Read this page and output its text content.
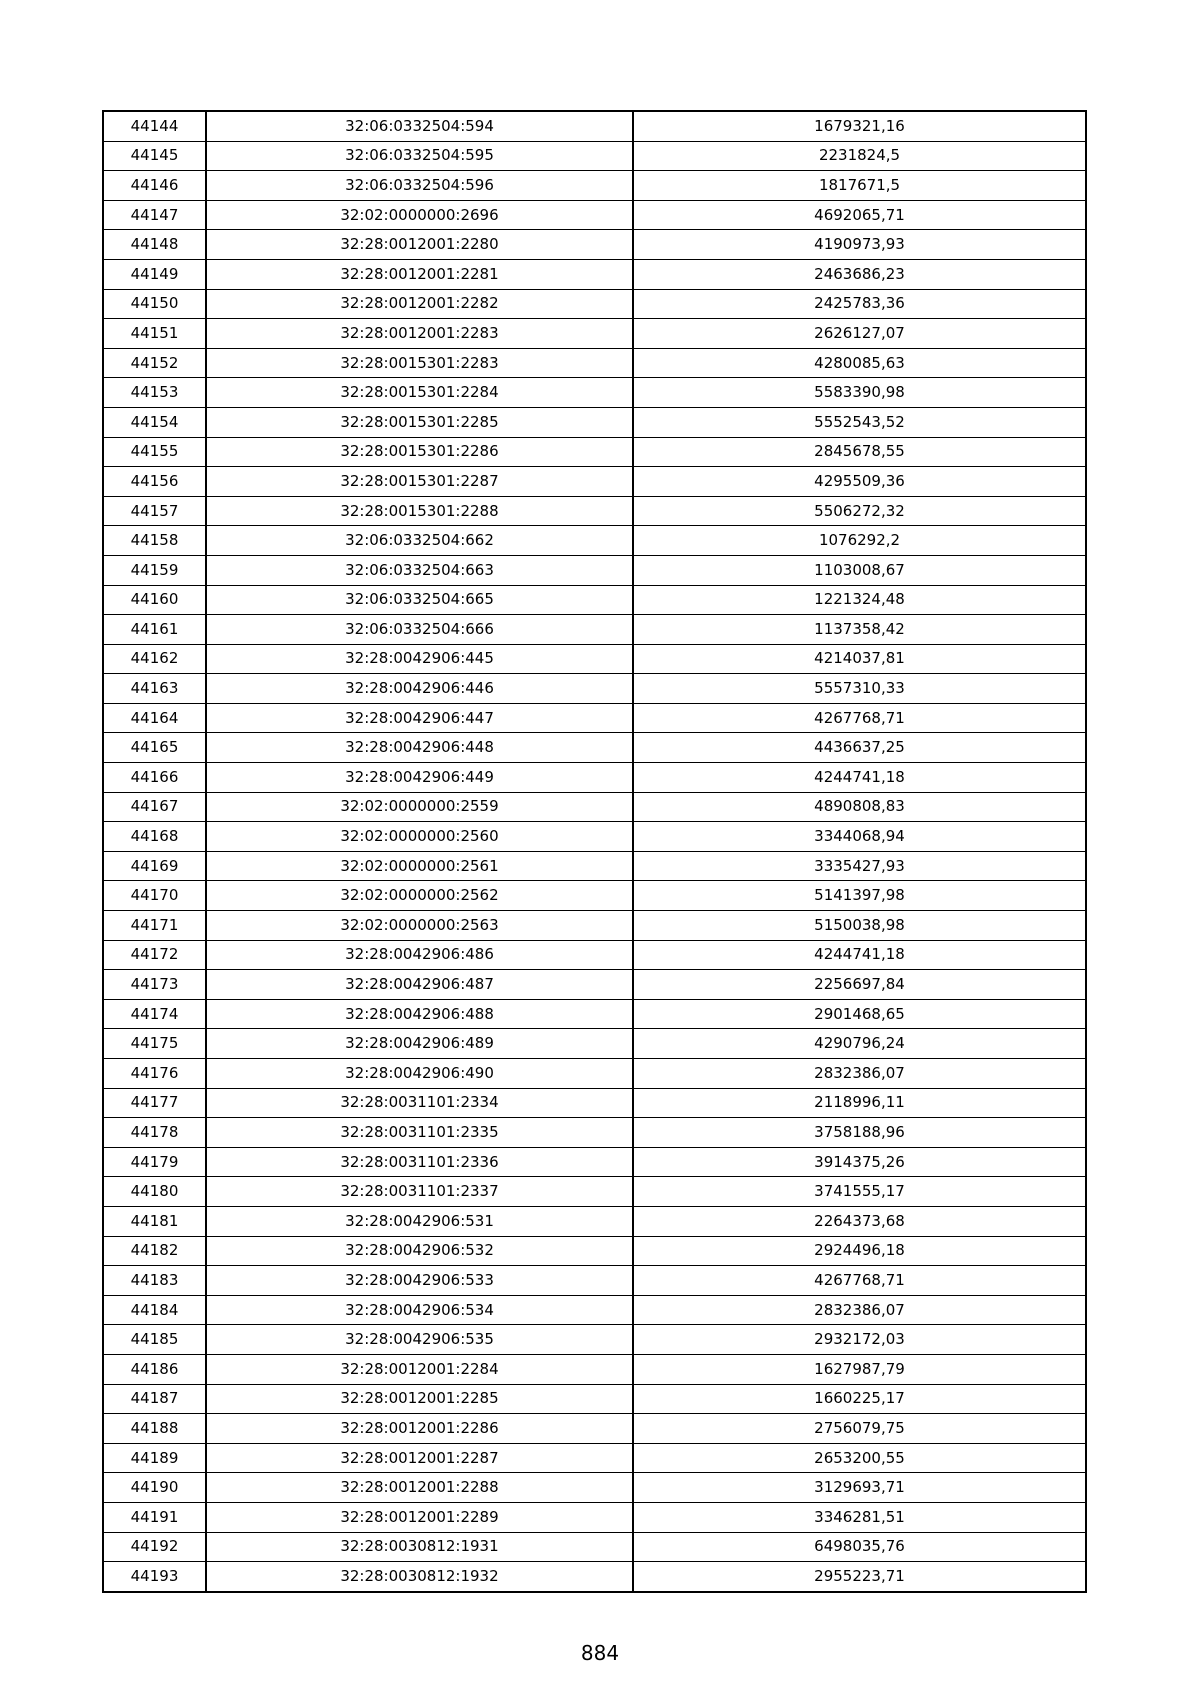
44144	32:06:0332504:594	1679321,16
44145	32:06:0332504:595	2231824,5
44146	32:06:0332504:596	1817671,5
44147	32:02:0000000:2696	4692065,71
44148	32:28:0012001:2280	4190973,93
44149	32:28:0012001:2281	2463686,23
44150	32:28:0012001:2282	2425783,36
44151	32:28:0012001:2283	2626127,07
44152	32:28:0015301:2283	4280085,63
44153	32:28:0015301:2284	5583390,98
44154	32:28:0015301:2285	5552543,52
44155	32:28:0015301:2286	2845678,55
44156	32:28:0015301:2287	4295509,36
44157	32:28:0015301:2288	5506272,32
44158	32:06:0332504:662	1076292,2
44159	32:06:0332504:663	1103008,67
44160	32:06:0332504:665	1221324,48
44161	32:06:0332504:666	1137358,42
44162	32:28:0042906:445	4214037,81
44163	32:28:0042906:446	5557310,33
44164	32:28:0042906:447	4267768,71
44165	32:28:0042906:448	4436637,25
44166	32:28:0042906:449	4244741,18
44167	32:02:0000000:2559	4890808,83
44168	32:02:0000000:2560	3344068,94
44169	32:02:0000000:2561	3335427,93
44170	32:02:0000000:2562	5141397,98
44171	32:02:0000000:2563	5150038,98
44172	32:28:0042906:486	4244741,18
44173	32:28:0042906:487	2256697,84
44174	32:28:0042906:488	2901468,65
44175	32:28:0042906:489	4290796,24
44176	32:28:0042906:490	2832386,07
44177	32:28:0031101:2334	2118996,11
44178	32:28:0031101:2335	3758188,96
44179	32:28:0031101:2336	3914375,26
44180	32:28:0031101:2337	3741555,17
44181	32:28:0042906:531	2264373,68
44182	32:28:0042906:532	2924496,18
44183	32:28:0042906:533	4267768,71
44184	32:28:0042906:534	2832386,07
44185	32:28:0042906:535	2932172,03
44186	32:28:0012001:2284	1627987,79
44187	32:28:0012001:2285	1660225,17
44188	32:28:0012001:2286	2756079,75
44189	32:28:0012001:2287	2653200,55
44190	32:28:0012001:2288	3129693,71
44191	32:28:0012001:2289	3346281,51
44192	32:28:0030812:1931	6498035,76
44193	32:28:0030812:1932	2955223,71
884
